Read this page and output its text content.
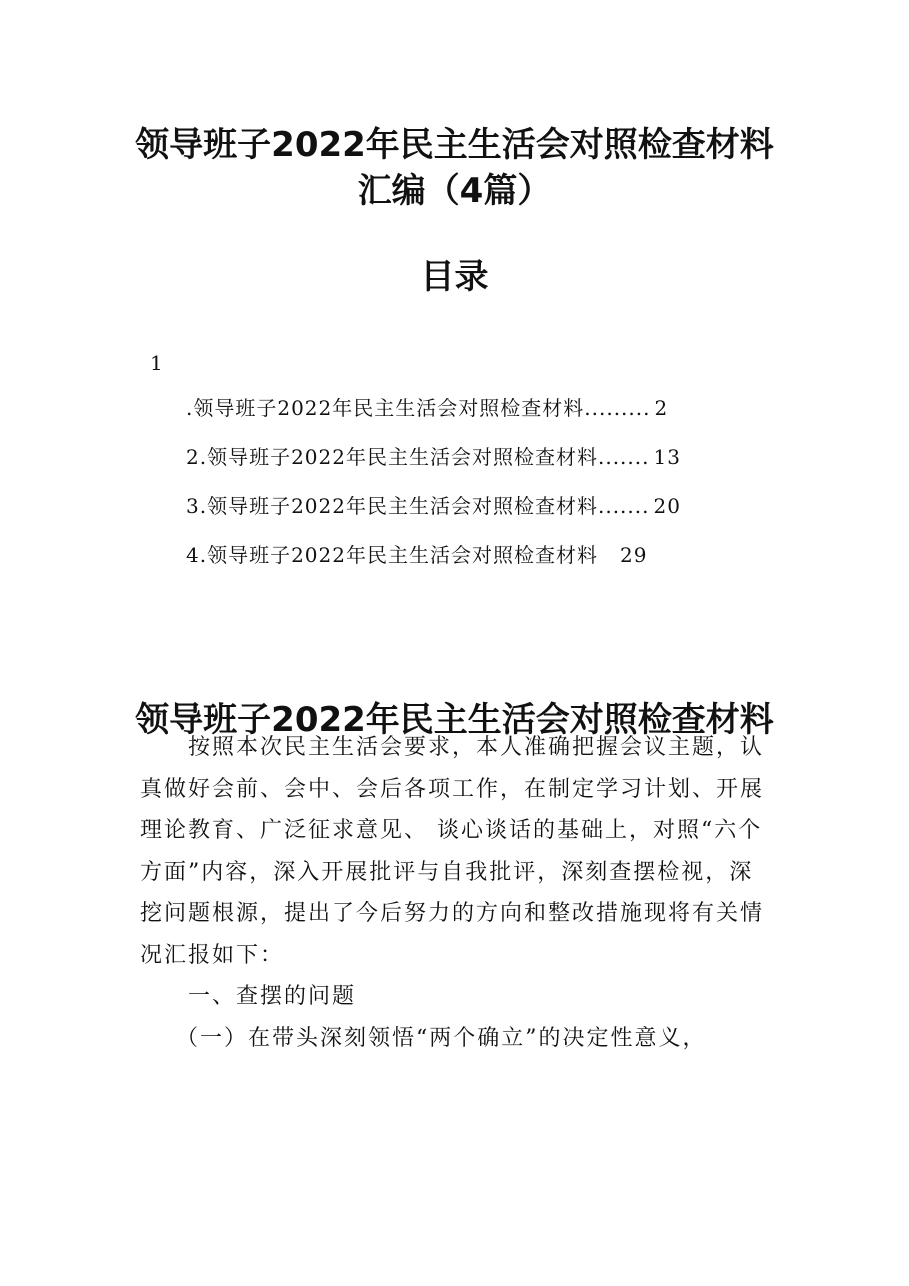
领导班子2022年民主生活会对照检查材料
汇编（4篇）
目录
1
.领导班子2022年民主生活会对照检查材料......... 2
2.领导班子2022年民主生活会对照检查材料....... 13
3.领导班子2022年民主生活会对照检查材料....... 20
4.领导班子2022年民主生活会对照检查材料 29
领导班子2022年民主生活会对照检查材料

按照本次民主生活会要求，本人准确把握会议主题，认真做好会前、会中、会后各项工作，在制定学习计划、开展理论教育、广泛征求意见、 谈心谈话的基础上，对照“六个方面”内容，深入开展批评与自我批评，深刻查摆检视，深挖问题根源，提出了今后努力的方向和整改措施现将有关情况汇报如下：

一、查摆的问题

（一）在带头深刻领悟“两个确立”的决定性意义，
